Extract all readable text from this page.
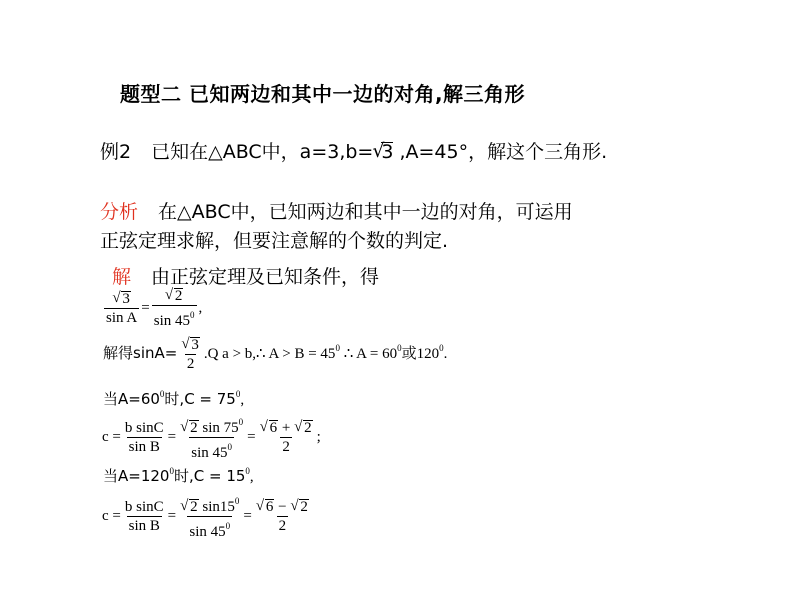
题型二 已知两边和其中一边的对角,解三角形
例2 已知在△ABC中，a=3,b= √
3 ,A=45°，解这个三角形.
分析 在△ABC中，已知两边和其中一边的对角，可运用
正弦定理求解，但要注意解的个数的判定.
解 由正弦定理及已知条件，得
√ $\frac{3}{\text{sin A}}$ = √ $\frac{2}{\sin 45^0}$ ,
解得sinA= √ $\frac{3}{2} .Q$ a > b,∴ $A > B = 45^0$ ∴ $A = 60^0$或$120^0$.
当$A=60^0$时$,C = 75^0$,
$c = \frac{\text{b sinC}}{\text{sin B}}$ = √ $\frac{2 \sin 75^0}{\sin 45^0}$ = √ $\frac{6 + √ 2}{2}$ ;
当$A=120^0$时$,C = 15^0$,
$c = \frac{\text{b sinC}}{\text{sin B}}$ = √ $\frac{2 \sin 15^0}{\sin 45^0}$ = √ $\frac{6 - √ 2}{2}$
